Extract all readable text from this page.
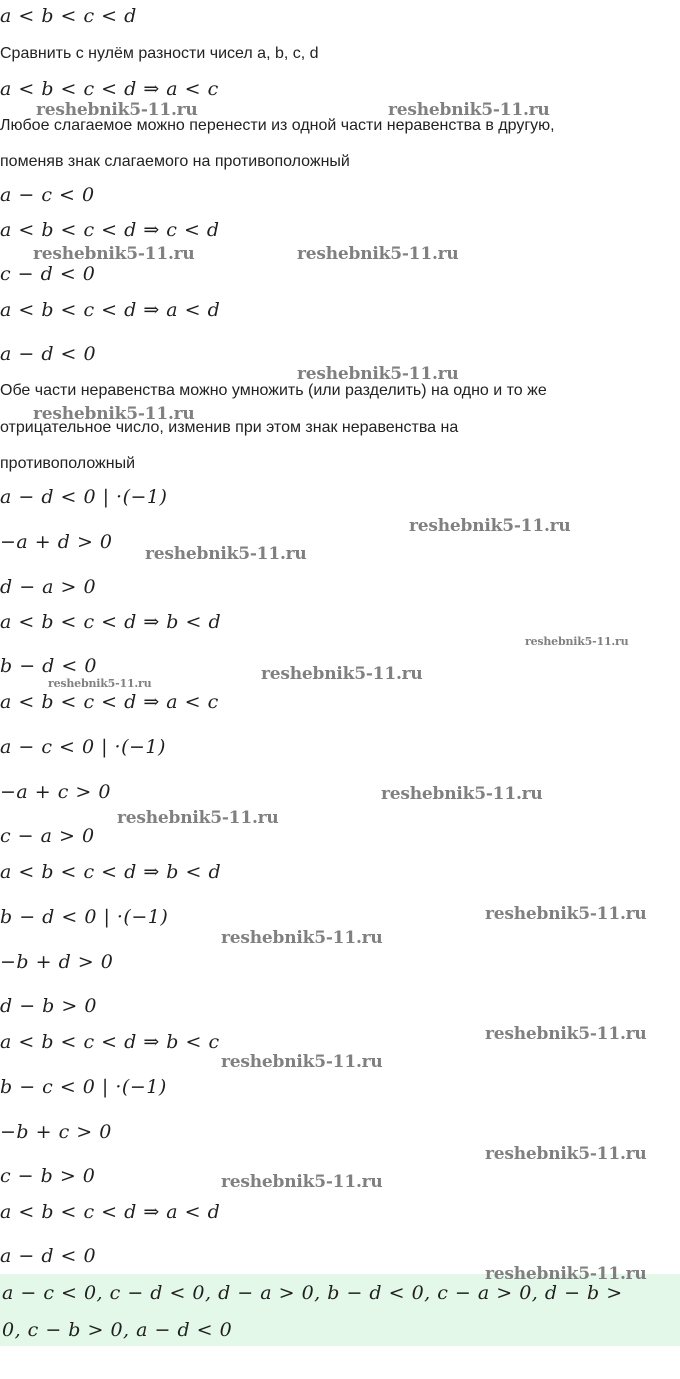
a < b < c < d
Сравнить с нулём разности чисел a, b, c, d
a < b < c < d ⇒ a < c
Любое слагаемое можно перенести из одной части неравенства в другую,
поменяв знак слагаемого на противоположный
a − c < 0
a < b < c < d ⇒ c < d
c − d < 0
a < b < c < d ⇒ a < d
a − d < 0
Обе части неравенства можно умножить (или разделить) на одно и то же
отрицательное число, изменив при этом знак неравенства на
противоположный
a − d < 0 | ·(−1)
−a + d > 0
d − a > 0
a < b < c < d ⇒ b < d
b − d < 0
a < b < c < d ⇒ a < c
a − c < 0 | ·(−1)
−a + c > 0
c − a > 0
a < b < c < d ⇒ b < d
b − d < 0 | ·(−1)
−b + d > 0
d − b > 0
a < b < c < d ⇒ b < c
b − c < 0 | ·(−1)
−b + c > 0
c − b > 0
a < b < c < d ⇒ a < d
a − d < 0
a − c < 0, c − d < 0, d − a > 0, b − d < 0, c − a > 0, d − b >
0, c − b > 0, a − d < 0
reshebnik5-11.ru	reshebnik5-11.ru
reshebnik5-11.ru	reshebnik5-11.ru
reshebnik5-11.ru
reshebnik5-11.ru
reshebnik5-11.ru
reshebnik5-11.ru
reshebnik5-11.ru
reshebnik5-11.ru
reshebnik5-11.ru
reshebnik5-11.ru
reshebnik5-11.ru
reshebnik5-11.ru
reshebnik5-11.ru
reshebnik5-11.ru
reshebnik5-11.ru
reshebnik5-11.ru
reshebnik5-11.ru
reshebnik5-11.ru
